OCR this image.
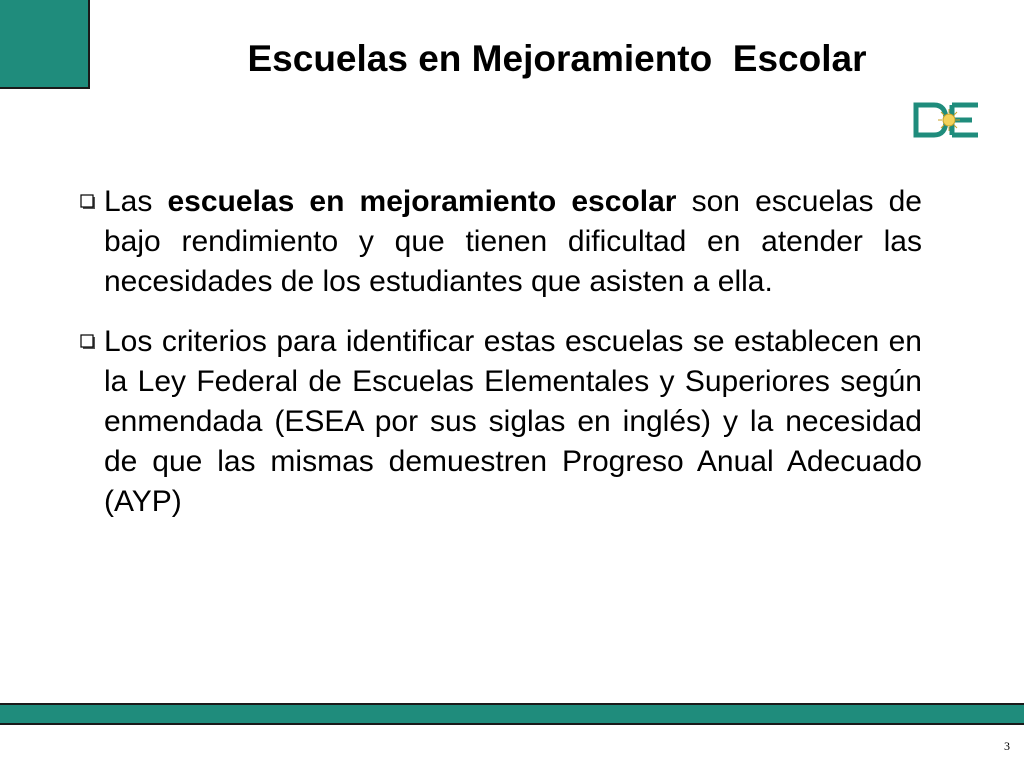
Escuelas en Mejoramiento  Escolar

Las escuelas en mejoramiento escolar son escuelas de bajo rendimiento y que tienen dificultad en atender las necesidades de los estudiantes que asisten a ella.

Los criterios para identificar estas escuelas se establecen en la Ley Federal de Escuelas Elementales y Superiores según enmendada (ESEA por sus siglas en inglés) y la necesidad de que las mismas demuestren Progreso Anual Adecuado (AYP)

3
